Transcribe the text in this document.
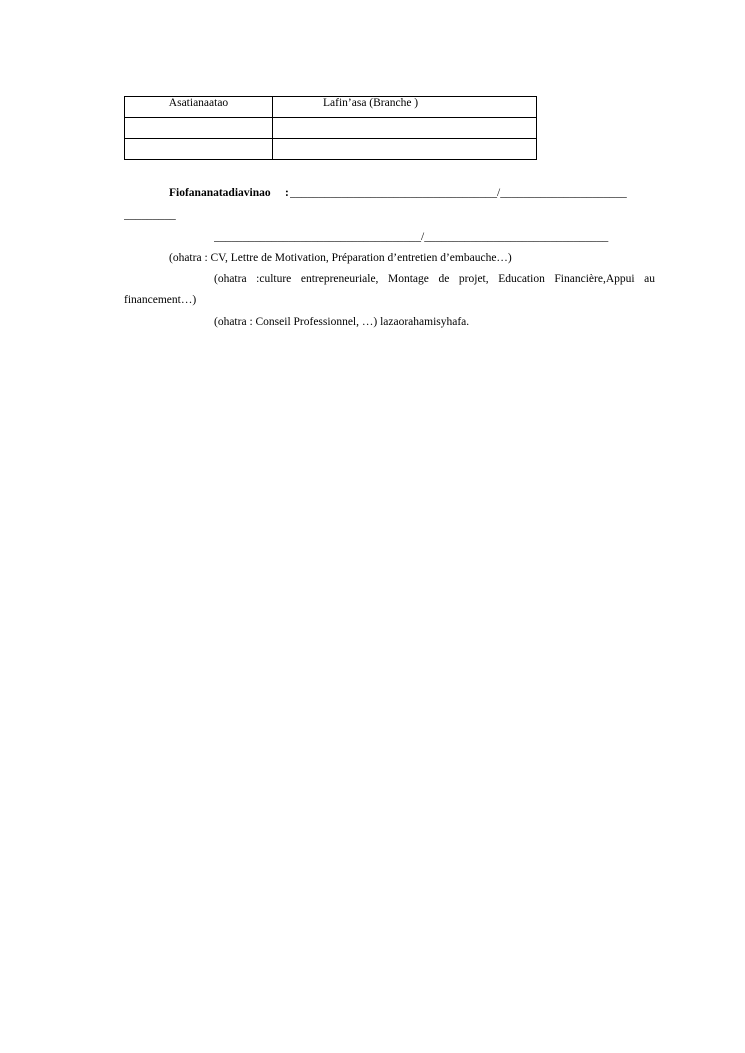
Asatianaatao	Lafin’asa (Branche )

Fiofananatadiavinao : ____________________________________/______________________
_________
____________________________________/________________________________
(ohatra : CV, Lettre de Motivation, Préparation d’entretien d’embauche…)
(ohatra :culture entrepreneuriale, Montage de projet, Education Financière,Appui au
financement…)
(ohatra : Conseil Professionnel, …) lazaorahamisyhafa.
